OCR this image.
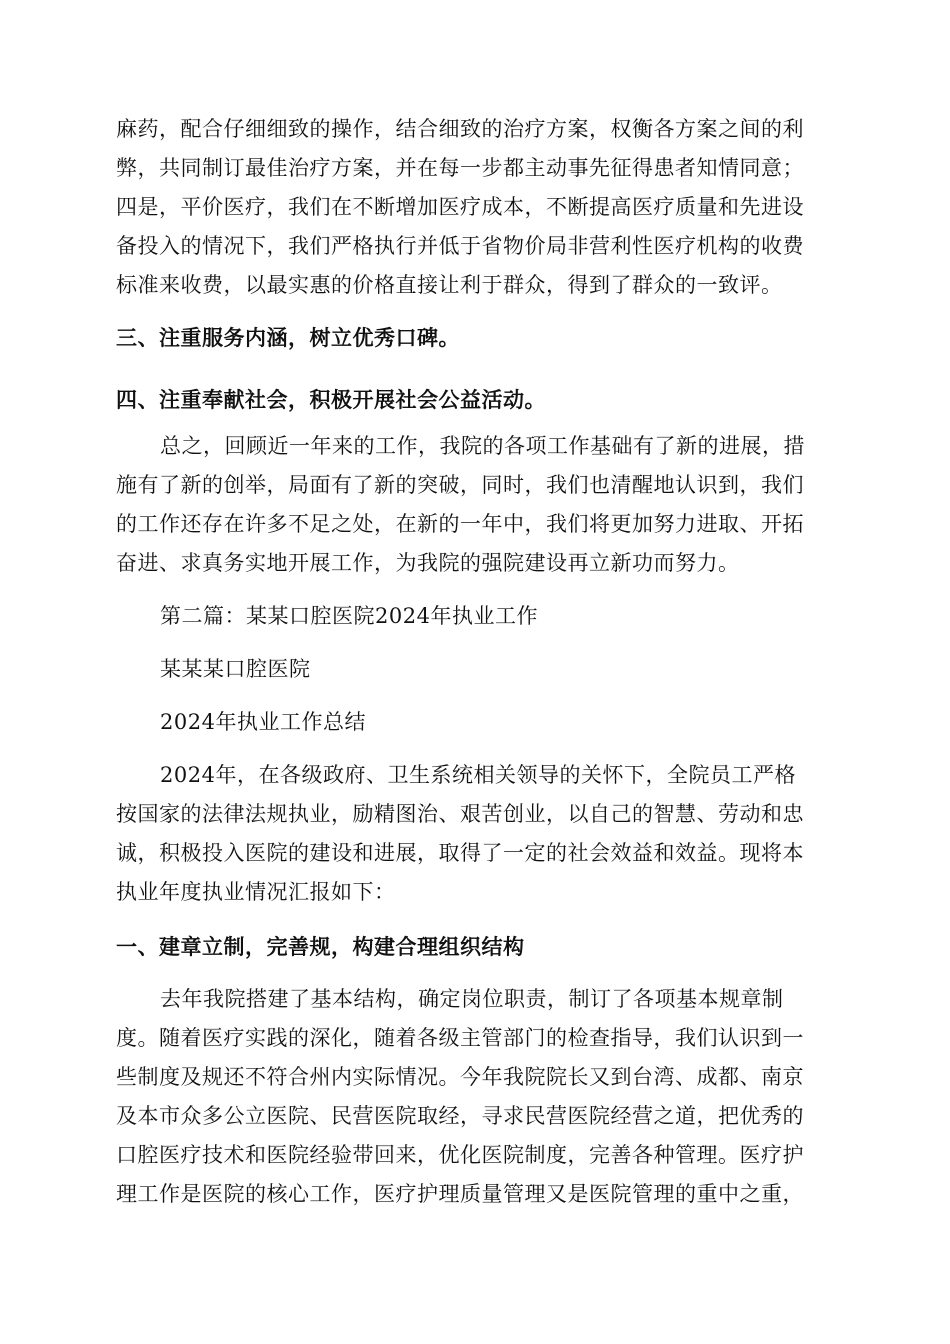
麻药，配合仔细细致的操作，结合细致的治疗方案，权衡各方案之间的利
弊，共同制订最佳治疗方案，并在每一步都主动事先征得患者知情同意；
四是，平价医疗，我们在不断增加医疗成本，不断提高医疗质量和先进设
备投入的情况下，我们严格执行并低于省物价局非营利性医疗机构的收费
标准来收费，以最实惠的价格直接让利于群众，得到了群众的一致评。
三、注重服务内涵，树立优秀口碑。
四、注重奉献社会，积极开展社会公益活动。
总之，回顾近一年来的工作，我院的各项工作基础有了新的进展，措
施有了新的创举，局面有了新的突破，同时，我们也清醒地认识到，我们
的工作还存在许多不足之处，在新的一年中，我们将更加努力进取、开拓
奋进、求真务实地开展工作，为我院的强院建设再立新功而努力。
第二篇：某某口腔医院2024年执业工作
某某某口腔医院
2024年执业工作总结
2024年，在各级政府、卫生系统相关领导的关怀下，全院员工严格
按国家的法律法规执业，励精图治、艰苦创业，以自己的智慧、劳动和忠
诚，积极投入医院的建设和进展，取得了一定的社会效益和效益。现将本
执业年度执业情况汇报如下：
一、建章立制，完善规，构建合理组织结构
去年我院搭建了基本结构，确定岗位职责，制订了各项基本规章制
度。随着医疗实践的深化，随着各级主管部门的检查指导，我们认识到一
些制度及规还不符合州内实际情况。今年我院院长又到台湾、成都、南京
及本市众多公立医院、民营医院取经，寻求民营医院经营之道，把优秀的
口腔医疗技术和医院经验带回来，优化医院制度，完善各种管理。医疗护
理工作是医院的核心工作，医疗护理质量管理又是医院管理的重中之重，
